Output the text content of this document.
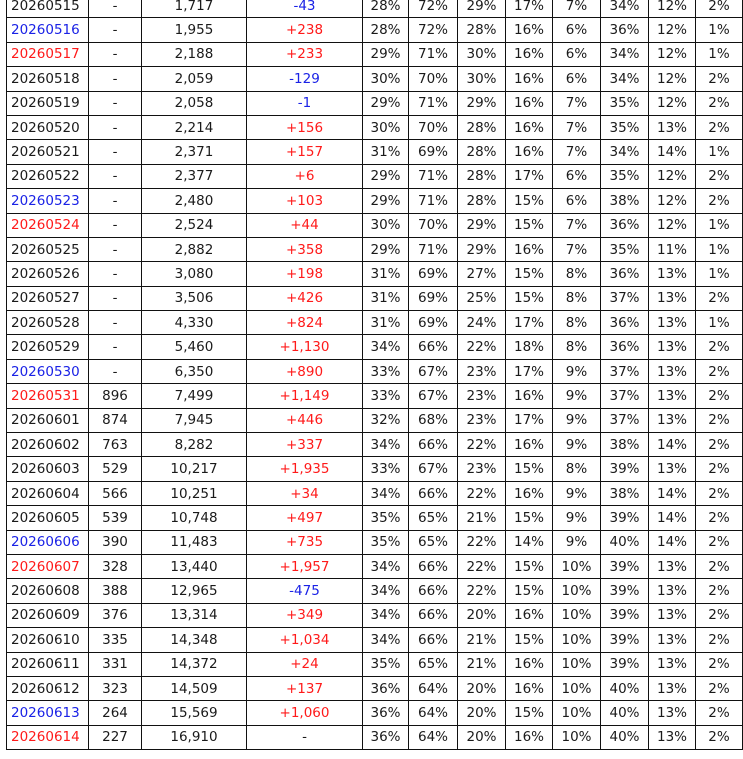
20260515	-	1,717	-43	28%	72%	29%	17%	7%	34%	12%	2%
20260516	-	1,955	+238	28%	72%	28%	16%	6%	36%	12%	1%
20260517	-	2,188	+233	29%	71%	30%	16%	6%	34%	12%	1%
20260518	-	2,059	-129	30%	70%	30%	16%	6%	34%	12%	2%
20260519	-	2,058	-1	29%	71%	29%	16%	7%	35%	12%	2%
20260520	-	2,214	+156	30%	70%	28%	16%	7%	35%	13%	2%
20260521	-	2,371	+157	31%	69%	28%	16%	7%	34%	14%	1%
20260522	-	2,377	+6	29%	71%	28%	17%	6%	35%	12%	2%
20260523	-	2,480	+103	29%	71%	28%	15%	6%	38%	12%	2%
20260524	-	2,524	+44	30%	70%	29%	15%	7%	36%	12%	1%
20260525	-	2,882	+358	29%	71%	29%	16%	7%	35%	11%	1%
20260526	-	3,080	+198	31%	69%	27%	15%	8%	36%	13%	1%
20260527	-	3,506	+426	31%	69%	25%	15%	8%	37%	13%	2%
20260528	-	4,330	+824	31%	69%	24%	17%	8%	36%	13%	1%
20260529	-	5,460	+1,130	34%	66%	22%	18%	8%	36%	13%	2%
20260530	-	6,350	+890	33%	67%	23%	17%	9%	37%	13%	2%
20260531	896	7,499	+1,149	33%	67%	23%	16%	9%	37%	13%	2%
20260601	874	7,945	+446	32%	68%	23%	17%	9%	37%	13%	2%
20260602	763	8,282	+337	34%	66%	22%	16%	9%	38%	14%	2%
20260603	529	10,217	+1,935	33%	67%	23%	15%	8%	39%	13%	2%
20260604	566	10,251	+34	34%	66%	22%	16%	9%	38%	14%	2%
20260605	539	10,748	+497	35%	65%	21%	15%	9%	39%	14%	2%
20260606	390	11,483	+735	35%	65%	22%	14%	9%	40%	14%	2%
20260607	328	13,440	+1,957	34%	66%	22%	15%	10%	39%	13%	2%
20260608	388	12,965	-475	34%	66%	22%	15%	10%	39%	13%	2%
20260609	376	13,314	+349	34%	66%	20%	16%	10%	39%	13%	2%
20260610	335	14,348	+1,034	34%	66%	21%	15%	10%	39%	13%	2%
20260611	331	14,372	+24	35%	65%	21%	16%	10%	39%	13%	2%
20260612	323	14,509	+137	36%	64%	20%	16%	10%	40%	13%	2%
20260613	264	15,569	+1,060	36%	64%	20%	15%	10%	40%	13%	2%
20260614	227	16,910	-	36%	64%	20%	16%	10%	40%	13%	2%
